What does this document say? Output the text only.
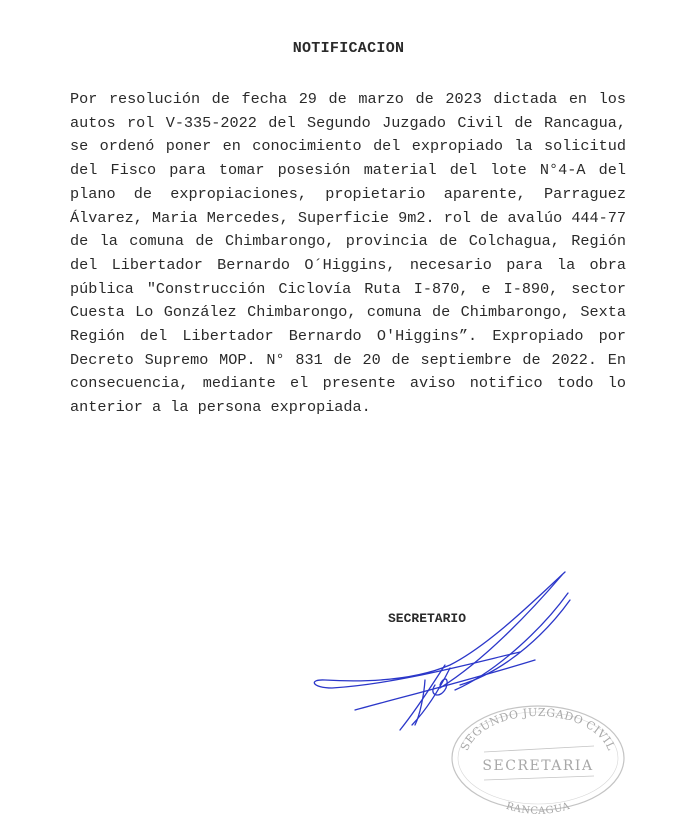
NOTIFICACION

Por resolución de fecha 29 de marzo de 2023 dictada en los autos rol V-335-2022 del Segundo Juzgado Civil de Rancagua, se ordenó poner en conocimiento del expropiado la solicitud del Fisco para tomar posesión material del lote N°4-A del plano de expropiaciones, propietario aparente, Parraguez Álvarez, Maria Mercedes, Superficie 9m2. rol de avalúo 444-77 de la comuna de Chimbarongo, provincia de Colchagua, Región del Libertador Bernardo O´Higgins, necesario para la obra pública "Construcción Ciclovía Ruta I-870, e I-890, sector Cuesta Lo González Chimbarongo, comuna de Chimbarongo, Sexta Región del Libertador Bernardo O'Higgins”. Expropiado por Decreto Supremo MOP. N° 831 de 20 de septiembre de 2022. En consecuencia, mediante el presente aviso notifico todo lo anterior a la persona expropiada.

SECRETARIO
SEGUNDO JUZGADO CIVIL
SECRETARIA
RANCAGUA
